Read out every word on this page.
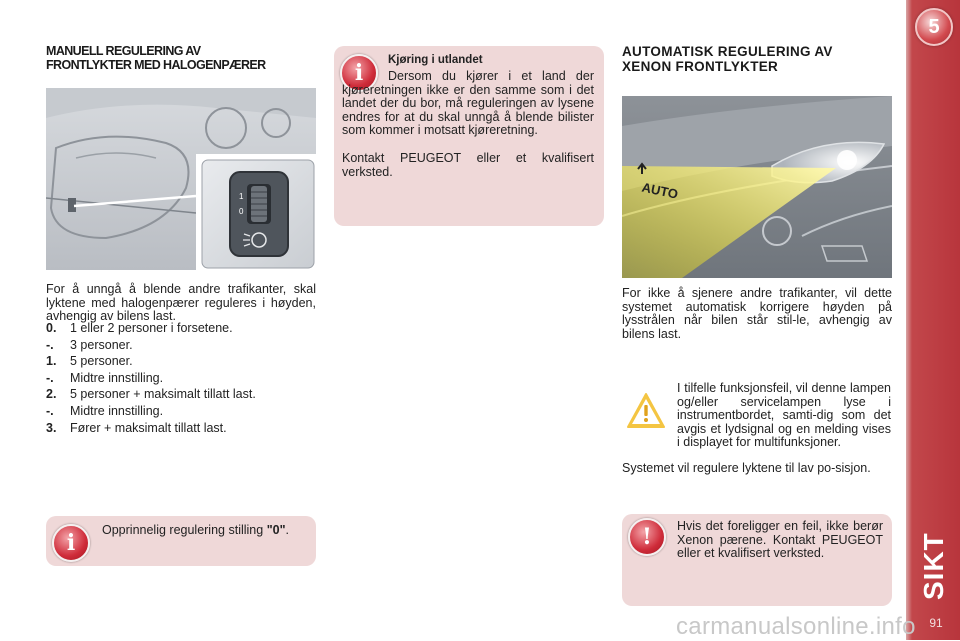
5
SIKT
91
MANUELL REGULERING AV
FRONTLYKTER MED HALOGENPÆRER
1
0
For å unngå å blende andre trafikanter, skal lyktene med halogenpærer reguleres i høyden, avhengig av bilens last.
0.	1 eller 2 personer i forsetene.
-.	3 personer.
1.	5 personer.
-.	Midtre innstilling.
2.	5 personer + maksimalt tillatt last.
-.	Midtre innstilling.
3.	Fører + maksimalt tillatt last.
i	Opprinnelig regulering stilling "0".
i	Kjøring i utlandet
Dersom du kjører i et land der kjøreretningen ikke er den samme som i det landet der du bor, må reguleringen av lysene endres for at du skal unngå å blende bilister som kommer i motsatt kjøreretning.
Kontakt PEUGEOT eller et kvalifisert verksted.
AUTOMATISK REGULERING AV
XENON FRONTLYKTER
AUTO
For ikke å sjenere andre trafikanter, vil dette systemet automatisk korrigere høyden på lysstrålen når bilen står stil-le, avhengig av bilens last.
I tilfelle funksjonsfeil, vil denne lampen og/eller servicelampen lyse i instrumentbordet, samti-dig som det avgis et lydsignal og en melding vises i displayet for multifunksjoner.
Systemet vil regulere lyktene til lav po-sisjon.
!	Hvis det foreligger en feil, ikke berør Xenon pærene. Kontakt PEUGEOT eller et kvalifisert verksted.
carmanualsonline.info
